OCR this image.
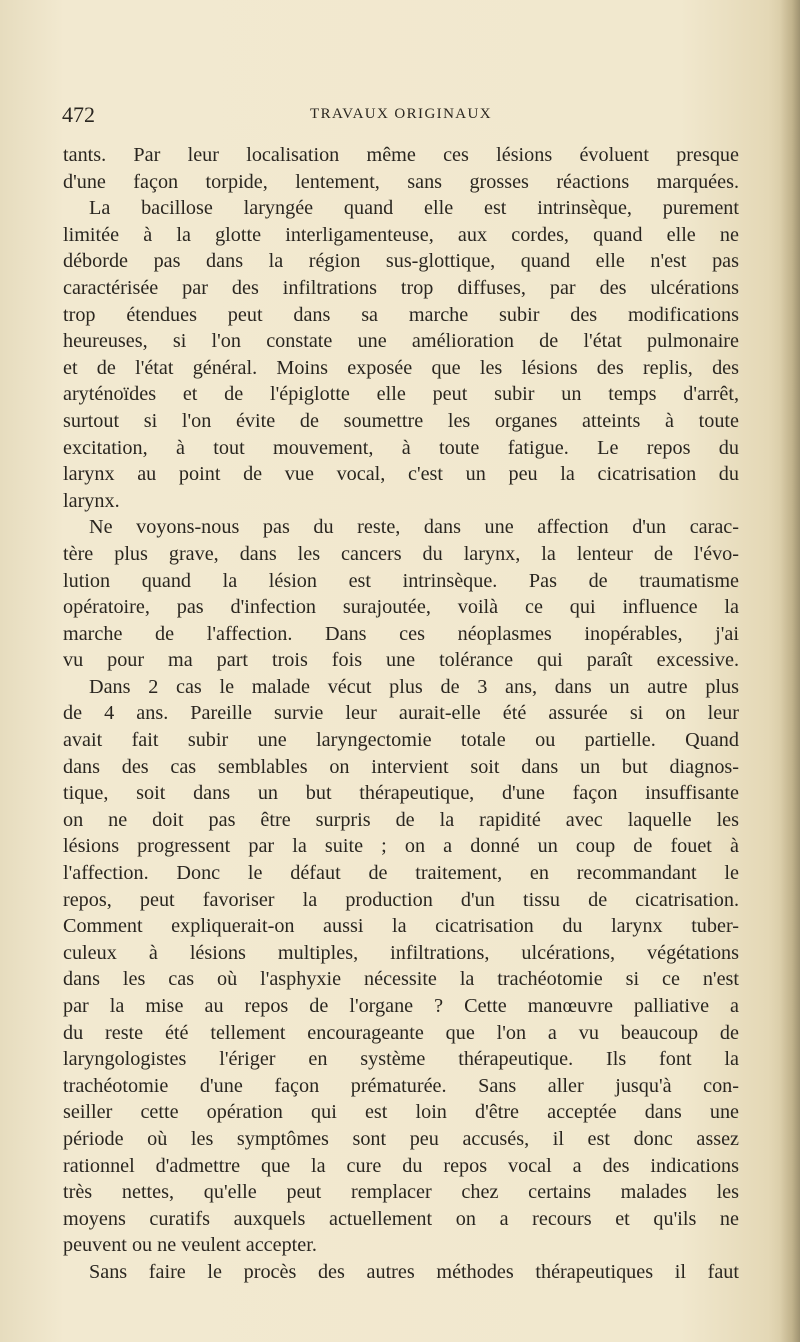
472	TRAVAUX ORIGINAUX
tants. Par leur localisation même ces lésions évoluent presque
d'une façon torpide, lentement, sans grosses réactions marquées.
La bacillose laryngée quand elle est intrinsèque, purement
limitée à la glotte interligamenteuse, aux cordes, quand elle ne
déborde pas dans la région sus-glottique, quand elle n'est pas
caractérisée par des infiltrations trop diffuses, par des ulcérations
trop étendues peut dans sa marche subir des modifications
heureuses, si l'on constate une amélioration de l'état pulmonaire
et de l'état général. Moins exposée que les lésions des replis, des
aryténoïdes et de l'épiglotte elle peut subir un temps d'arrêt,
surtout si l'on évite de soumettre les organes atteints à toute
excitation, à tout mouvement, à toute fatigue. Le repos du
larynx au point de vue vocal, c'est un peu la cicatrisation du
larynx.
Ne voyons-nous pas du reste, dans une affection d'un carac-
tère plus grave, dans les cancers du larynx, la lenteur de l'évo-
lution quand la lésion est intrinsèque. Pas de traumatisme
opératoire, pas d'infection surajoutée, voilà ce qui influence la
marche de l'affection. Dans ces néoplasmes inopérables, j'ai
vu pour ma part trois fois une tolérance qui paraît excessive.
Dans 2 cas le malade vécut plus de 3 ans, dans un autre plus
de 4 ans. Pareille survie leur aurait-elle été assurée si on leur
avait fait subir une laryngectomie totale ou partielle. Quand
dans des cas semblables on intervient soit dans un but diagnos-
tique, soit dans un but thérapeutique, d'une façon insuffisante
on ne doit pas être surpris de la rapidité avec laquelle les
lésions progressent par la suite ; on a donné un coup de fouet à
l'affection. Donc le défaut de traitement, en recommandant le
repos, peut favoriser la production d'un tissu de cicatrisation.
Comment expliquerait-on aussi la cicatrisation du larynx tuber-
culeux à lésions multiples, infiltrations, ulcérations, végétations
dans les cas où l'asphyxie nécessite la trachéotomie si ce n'est
par la mise au repos de l'organe ? Cette manœuvre palliative a
du reste été tellement encourageante que l'on a vu beaucoup de
laryngologistes l'ériger en système thérapeutique. Ils font la
trachéotomie d'une façon prématurée. Sans aller jusqu'à con-
seiller cette opération qui est loin d'être acceptée dans une
période où les symptômes sont peu accusés, il est donc assez
rationnel d'admettre que la cure du repos vocal a des indications
très nettes, qu'elle peut remplacer chez certains malades les
moyens curatifs auxquels actuellement on a recours et qu'ils ne
peuvent ou ne veulent accepter.
Sans faire le procès des autres méthodes thérapeutiques il faut
